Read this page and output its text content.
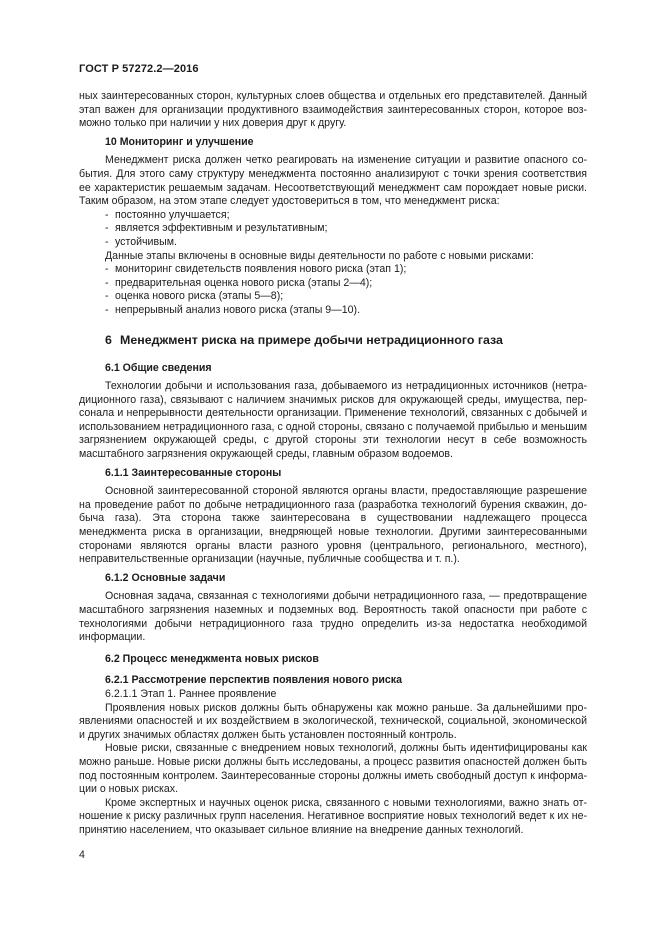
ГОСТ Р 57272.2—2016

ных заинтересованных сторон, культурных слоев общества и отдельных его представителей. Данный этап важен для организации продуктивного взаимодействия заинтересованных сторон, которое возможно только при наличии у них доверия друг к другу.

10 Мониторинг и улучшение

Менеджмент риска должен четко реагировать на изменение ситуации и развитие опасного события. Для этого саму структуру менеджмента постоянно анализируют с точки зрения соответствия ее характеристик решаемым задачам. Несоответствующий менеджмент сам порождает новые риски. Таким образом, на этом этапе следует удостовериться в том, что менеджмент риска:

- постоянно улучшается;

- является эффективным и результативным;

- устойчивым.

Данные этапы включены в основные виды деятельности по работе с новыми рисками:

- мониторинг свидетельств появления нового риска (этап 1);

- предварительная оценка нового риска (этапы 2—4);

- оценка нового риска (этапы 5—8);

- непрерывный анализ нового риска (этапы 9—10).

6 Менеджмент риска на примере добычи нетрадиционного газа

6.1 Общие сведения

Технологии добычи и использования газа, добываемого из нетрадиционных источников (нетрадиционного газа), связывают с наличием значимых рисков для окружающей среды, имущества, персонала и непрерывности деятельности организации. Применение технологий, связанных с добычей и использованием нетрадиционного газа, с одной стороны, связано с получаемой прибылью и меньшим загрязнением окружающей среды, с другой стороны эти технологии несут в себе возможность масштабного загрязнения окружающей среды, главным образом водоемов.

6.1.1 Заинтересованные стороны

Основной заинтересованной стороной являются органы власти, предоставляющие разрешение на проведение работ по добыче нетрадиционного газа (разработка технологий бурения скважин, добыча газа). Эта сторона также заинтересована в существовании надлежащего процесса менеджмента риска в организации, внедряющей новые технологии. Другими заинтересованными сторонами являются органы власти разного уровня (центрального, регионального, местного), неправительственные организации (научные, публичные сообщества и т. п.).

6.1.2 Основные задачи

Основная задача, связанная с технологиями добычи нетрадиционного газа, — предотвращение масштабного загрязнения наземных и подземных вод. Вероятность такой опасности при работе с технологиями добычи нетрадиционного газа трудно определить из-за недостатка необходимой информации.

6.2 Процесс менеджмента новых рисков

6.2.1 Рассмотрение перспектив появления нового риска

6.2.1.1 Этап 1. Раннее проявление

Проявления новых рисков должны быть обнаружены как можно раньше. За дальнейшими проявлениями опасностей и их воздействием в экологической, технической, социальной, экономической и других значимых областях должен быть установлен постоянный контроль.

Новые риски, связанные с внедрением новых технологий, должны быть идентифицированы как можно раньше. Новые риски должны быть исследованы, а процесс развития опасностей должен быть под постоянным контролем. Заинтересованные стороны должны иметь свободный доступ к информации о новых рисках.

Кроме экспертных и научных оценок риска, связанного с новыми технологиями, важно знать отношение к риску различных групп населения. Негативное восприятие новых технологий ведет к их непринятию населением, что оказывает сильное влияние на внедрение данных технологий.

4
